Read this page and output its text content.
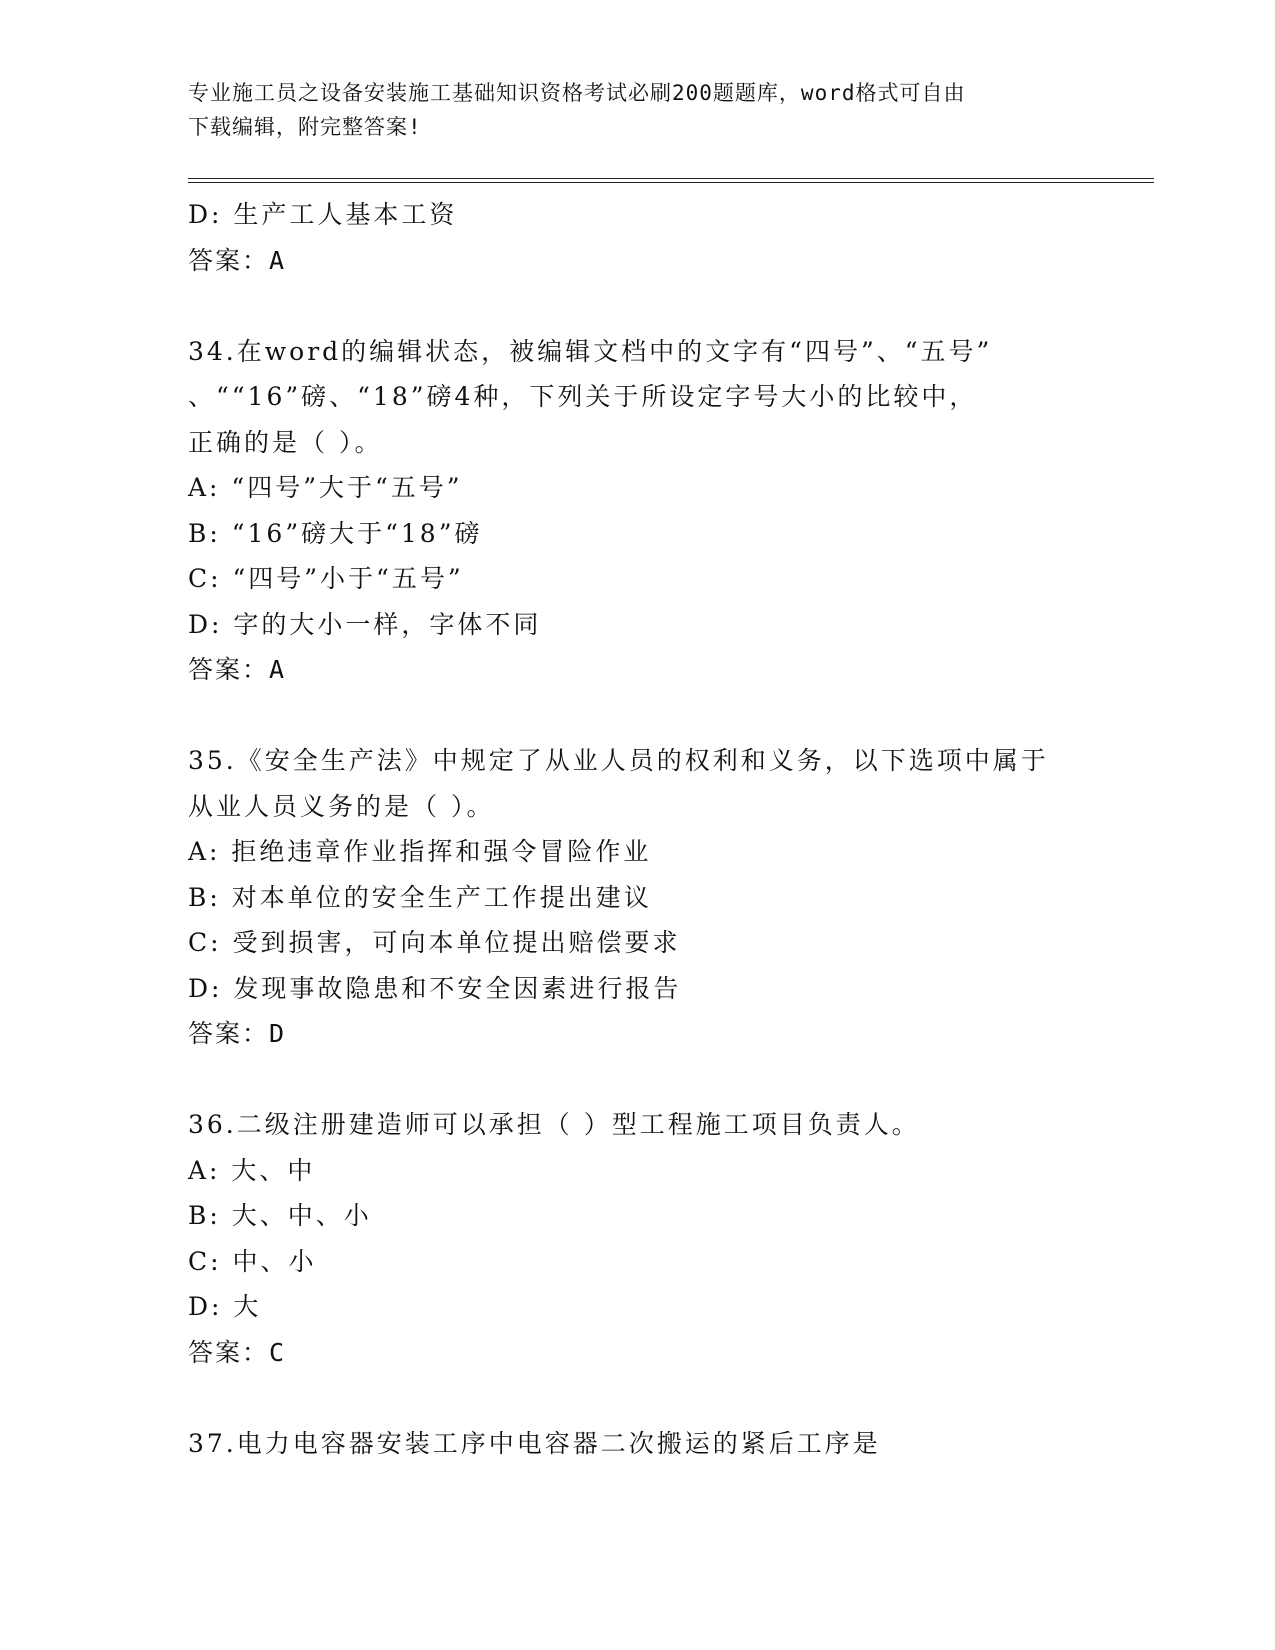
专业施工员之设备安装施工基础知识资格考试必刷200题题库，word格式可自由
下载编辑，附完整答案!
D: 生产工人基本工资
答案：A
34.在word的编辑状态，被编辑文档中的文字有“四号”、“五号”
、““16”磅、“18”磅4种，下列关于所设定字号大小的比较中，
正确的是（ ）。
A: “四号”大于“五号”
B: “16”磅大于“18”磅
C: “四号”小于“五号”
D: 字的大小一样，字体不同
答案：A
35.《安全生产法》中规定了从业人员的权利和义务，以下选项中属于
从业人员义务的是（ ）。
A: 拒绝违章作业指挥和强令冒险作业
B: 对本单位的安全生产工作提出建议
C: 受到损害，可向本单位提出赔偿要求
D: 发现事故隐患和不安全因素进行报告
答案：D
36.二级注册建造师可以承担（ ）型工程施工项目负责人。
A: 大、中
B: 大、中、小
C: 中、小
D: 大
答案：C
37.电力电容器安装工序中电容器二次搬运的紧后工序是
